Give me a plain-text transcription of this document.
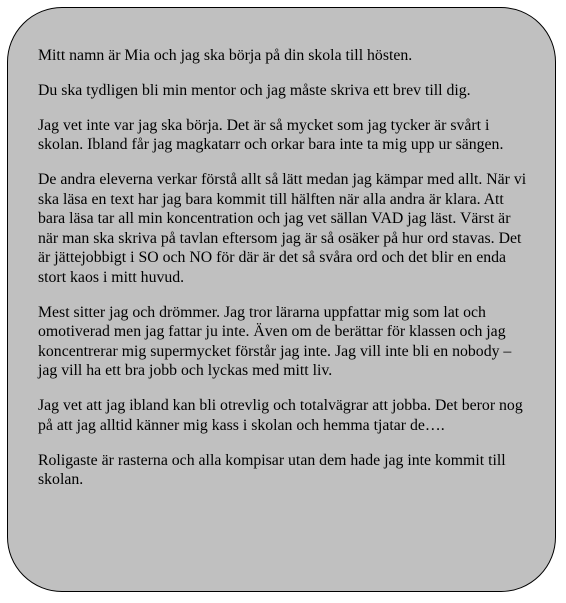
Mitt namn är Mia och jag ska börja på din skola till hösten.

Du ska tydligen bli min mentor och jag måste skriva ett brev till dig.

Jag vet inte var jag ska börja. Det är så mycket som jag tycker är svårt i skolan. Ibland får jag magkatarr och orkar bara inte ta mig upp ur sängen.

De andra eleverna verkar förstå allt så lätt medan jag kämpar med allt. När vi ska läsa en text har jag bara kommit till hälften när alla andra är klara. Att bara läsa tar all min koncentration och jag vet sällan VAD jag läst. Värst är när man ska skriva på tavlan eftersom jag är så osäker på hur ord stavas. Det är jättejobbigt i SO och NO för där är det så svåra ord och det blir en enda stort kaos i mitt huvud.

Mest sitter jag och drömmer. Jag tror lärarna uppfattar mig som lat och omotiverad men jag fattar ju inte. Även om de berättar för klassen och jag koncentrerar mig supermycket förstår jag inte. Jag vill inte bli en nobody – jag vill ha ett bra jobb och lyckas med mitt liv.

Jag vet att jag ibland kan bli otrevlig och totalvägrar att jobba. Det beror nog på att jag alltid känner mig kass i skolan och hemma tjatar de….

Roligaste är rasterna och alla kompisar utan dem hade jag inte kommit till skolan.
